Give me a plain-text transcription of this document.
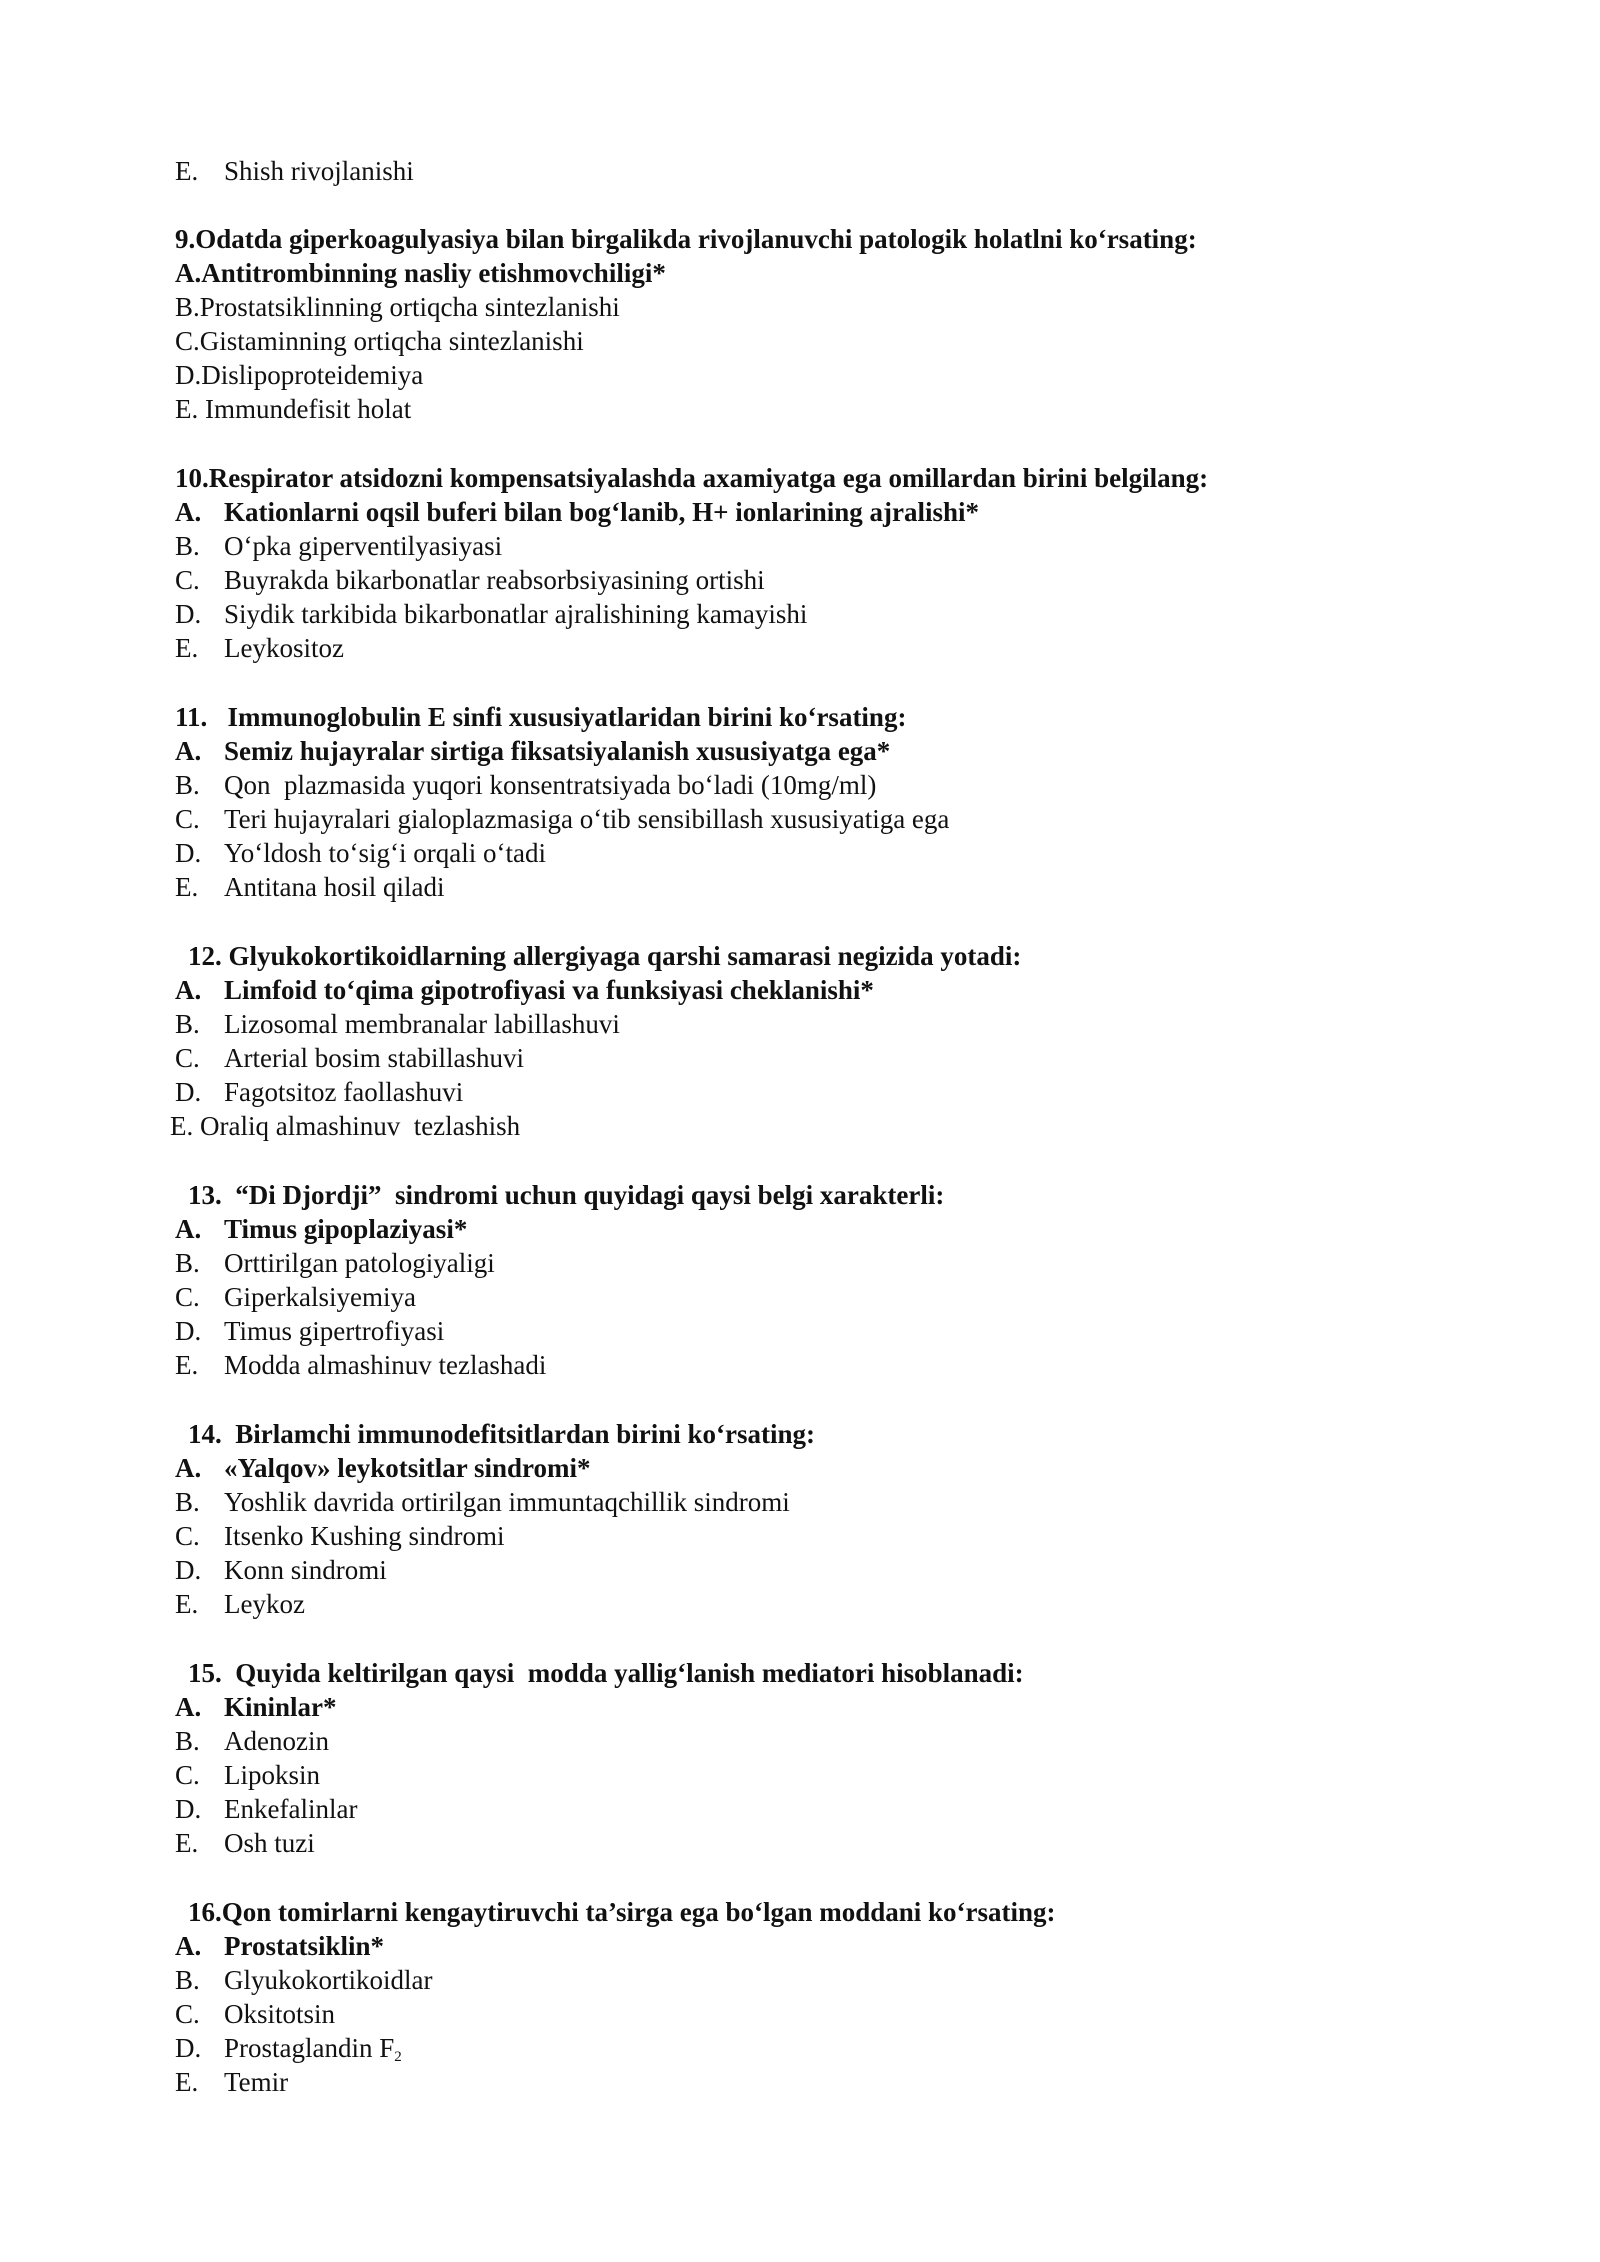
E. Shish rivojlanishi
9.Odatda giperkoagulyasiya bilan birgalikda rivojlanuvchi patologik holatlni ko‘rsating:
A.Antitrombinning nasliy etishmovchiligi*
B.Prostatsiklinning ortiqcha sintezlanishi
C.Gistaminning ortiqcha sintezlanishi
D.Dislipoproteidemiya
E. Immundefisit holat
10.Respirator atsidozni kompensatsiyalashda axamiyatga ega omillardan birini belgilang:
A. Kationlarni oqsil buferi bilan bog‘lanib, H+ ionlarining ajralishi*
B. O‘pka giperventilyasiyasi
C. Buyrakda bikarbonatlar reabsorbsiyasining ortishi
D. Siydik tarkibida bikarbonatlar ajralishining kamayishi
E. Leykositoz
11.   Immunoglobulin E sinfi xususiyatlaridan birini ko‘rsating:
A. Semiz hujayralar sirtiga fiksatsiyalanish xususiyatga ega*
B. Qon  plazmasida yuqori konsentratsiyada bo‘ladi (10mg/ml)
C. Teri hujayralari gialoplazmasiga o‘tib sensibillash xususiyatiga ega
D. Yo‘ldosh to‘sig‘i orqali o‘tadi
E. Antitana hosil qiladi
12. Glyukokortikoidlarning allergiyaga qarshi samarasi negizida yotadi:
A. Limfoid to‘qima gipotrofiyasi va funksiyasi cheklanishi*
B. Lizosomal membranalar labillashuvi
C. Arterial bosim stabillashuvi
D. Fagotsitoz faollashuvi
E. Oraliq almashinuv  tezlashish
13.  “Di Djordji”  sindromi uchun quyidagi qaysi belgi xarakterli:
A. Timus gipoplaziyasi*
B. Orttirilgan patologiyaligi
C. Giperkalsiyemiya
D. Timus gipertrofiyasi
E. Modda almashinuv tezlashadi
14.  Birlamchi immunodefitsitlardan birini ko‘rsating:
A. «Yalqov» leykotsitlar sindromi*
B. Yoshlik davrida ortirilgan immuntaqchillik sindromi
C. Itsenko Kushing sindromi
D. Konn sindromi
E. Leykoz
15.  Quyida keltirilgan qaysi  modda yallig‘lanish mediatori hisoblanadi:
A. Kininlar*
B. Adenozin
C. Lipoksin
D. Enkefalinlar
E. Osh tuzi
16.Qon tomirlarni kengaytiruvchi ta’sirga ega bo‘lgan moddani ko‘rsating:
A. Prostatsiklin*
B. Glyukokortikoidlar
C. Oksitotsin
D. Prostaglandin $F_2$
E. Temir
